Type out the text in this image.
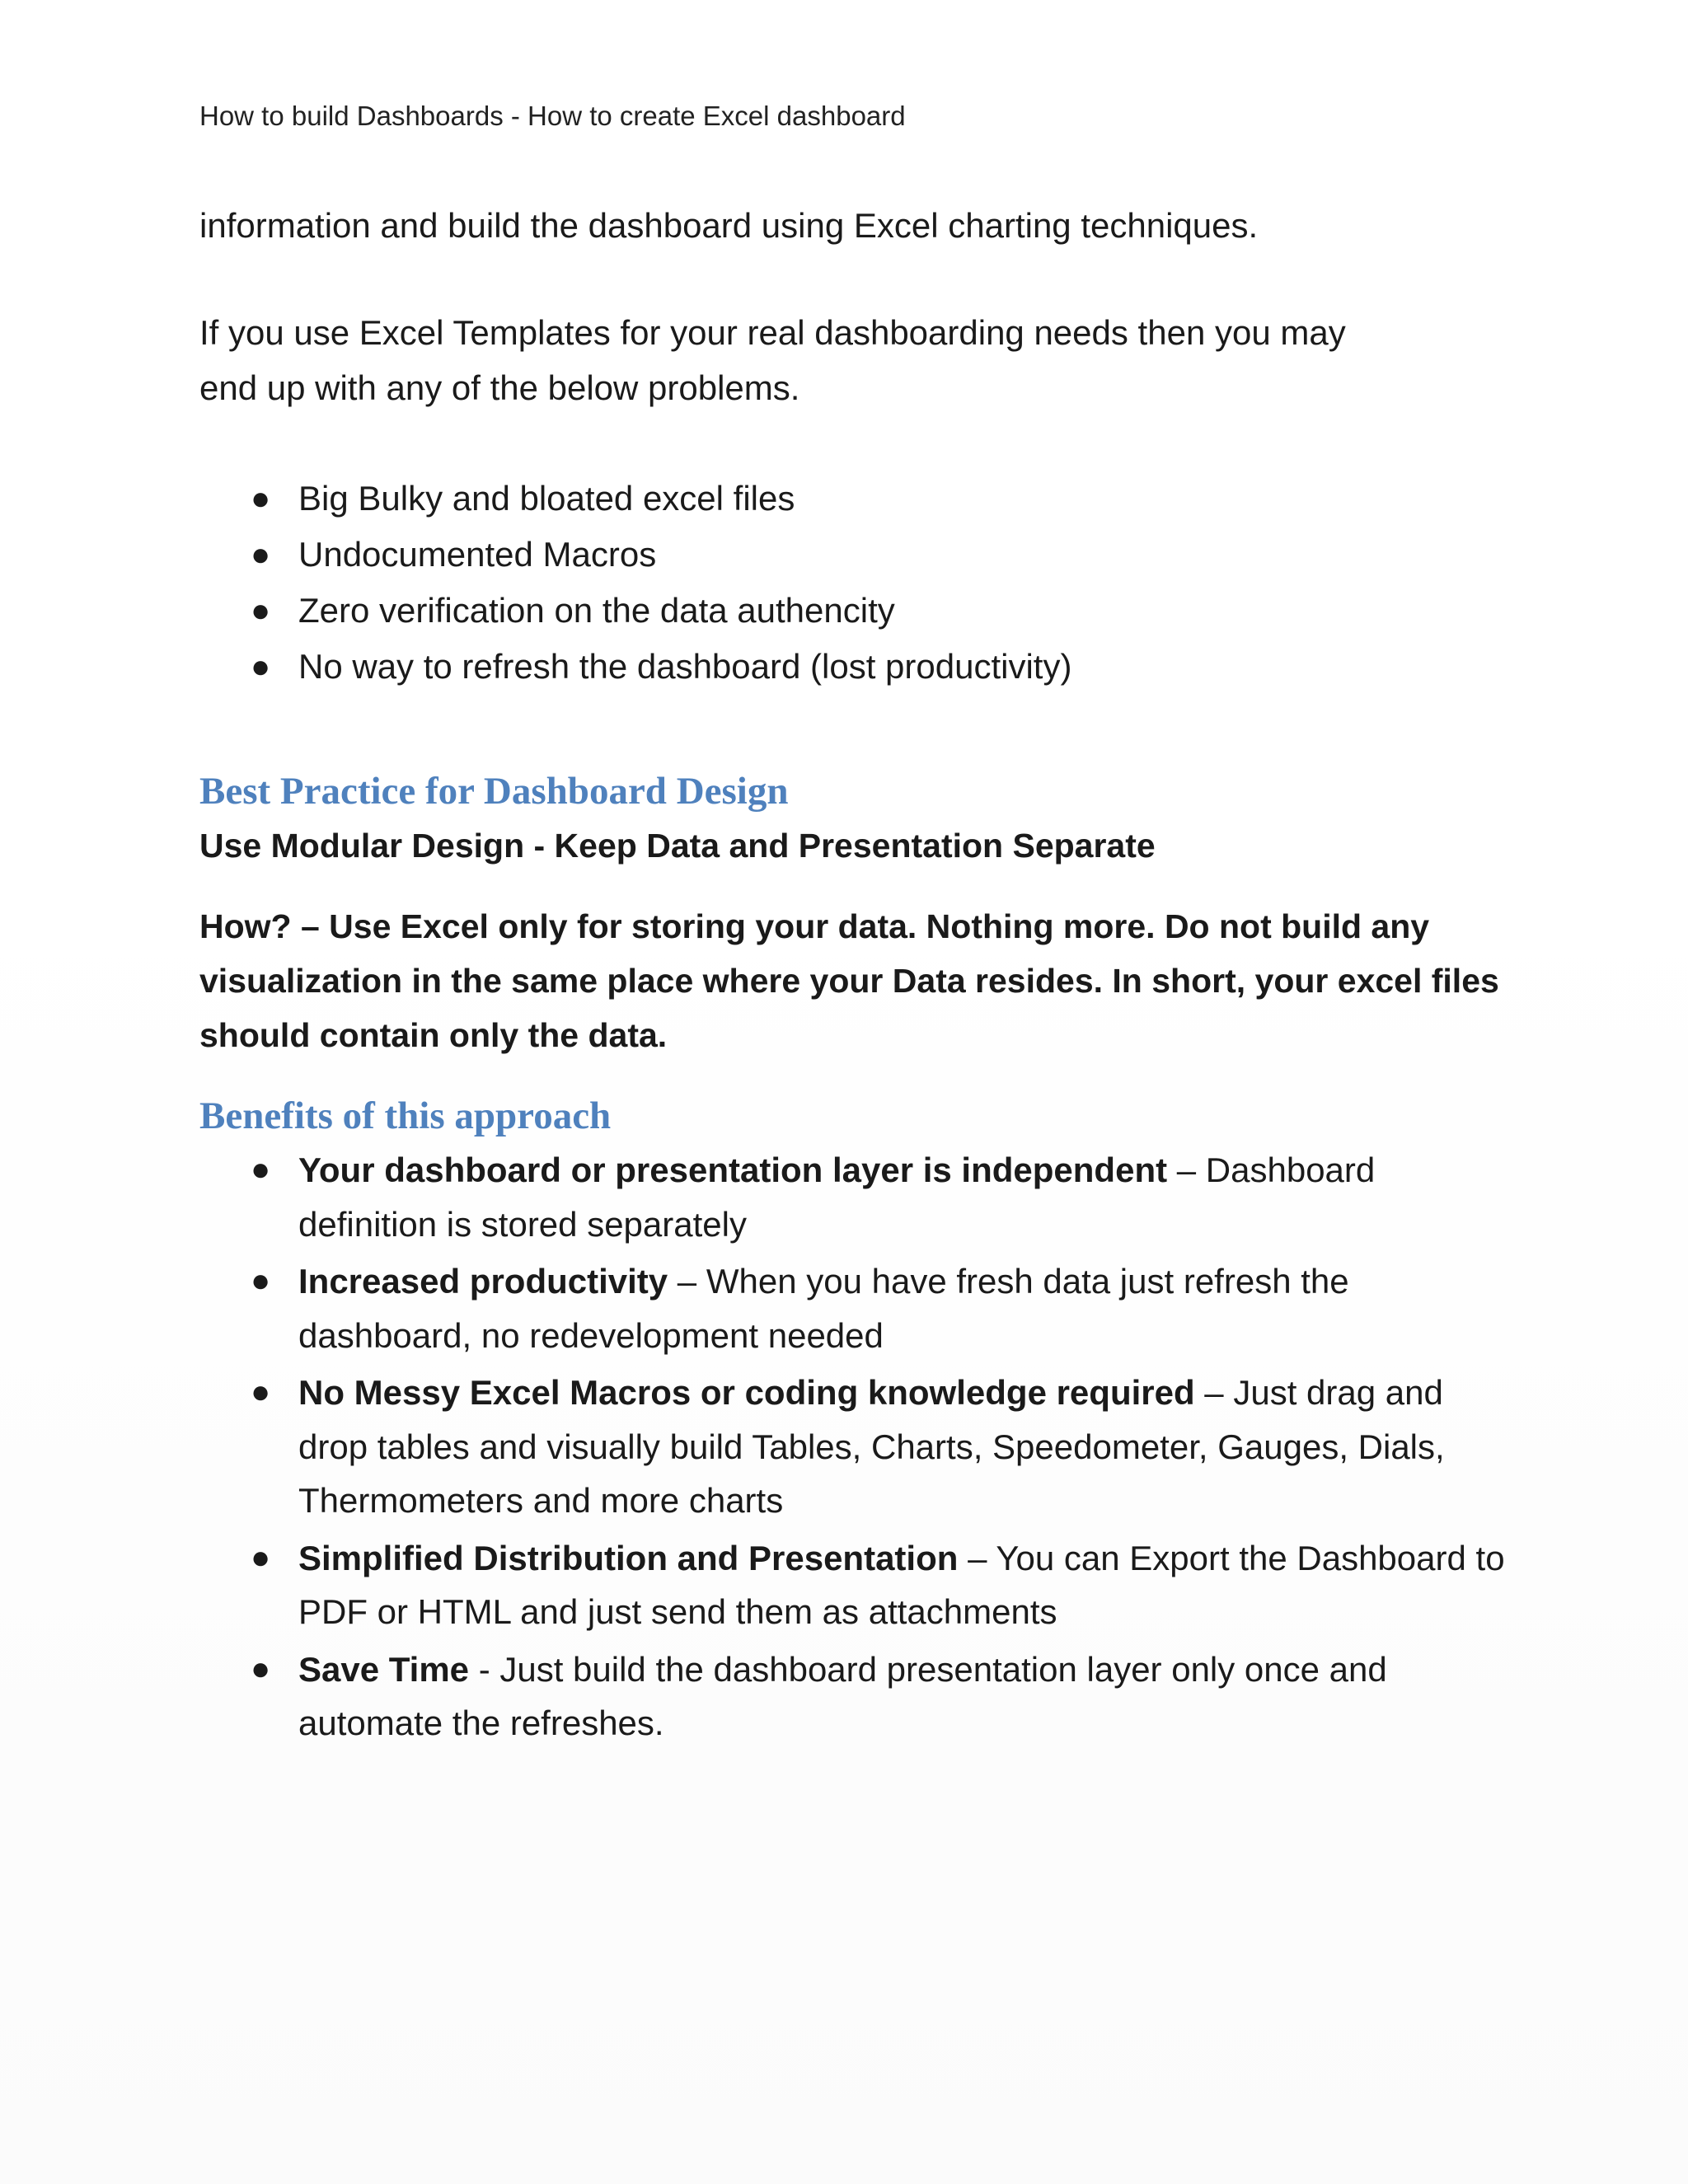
How to build Dashboards - How to create Excel dashboard

information and build the dashboard using Excel charting techniques.

If you use Excel Templates for your real dashboarding needs then you may end up with any of the below problems.

● Big Bulky and bloated excel files
● Undocumented Macros
● Zero verification on the data authencity
● No way to refresh the dashboard (lost productivity)
Best Practice for Dashboard Design

Use Modular Design - Keep Data and Presentation Separate

How? – Use Excel only for storing your data. Nothing more. Do not build any visualization in the same place where your Data resides. In short, your excel files should contain only the data.

Benefits of this approach
● Your dashboard or presentation layer is independent – Dashboard definition is stored separately
● Increased productivity – When you have fresh data just refresh the dashboard, no redevelopment needed
● No Messy Excel Macros or coding knowledge required – Just drag and drop tables and visually build Tables, Charts, Speedometer, Gauges, Dials, Thermometers and more charts
● Simplified Distribution and Presentation – You can Export the Dashboard to PDF or HTML and just send them as attachments
● Save Time - Just build the dashboard presentation layer only once and automate the refreshes.
